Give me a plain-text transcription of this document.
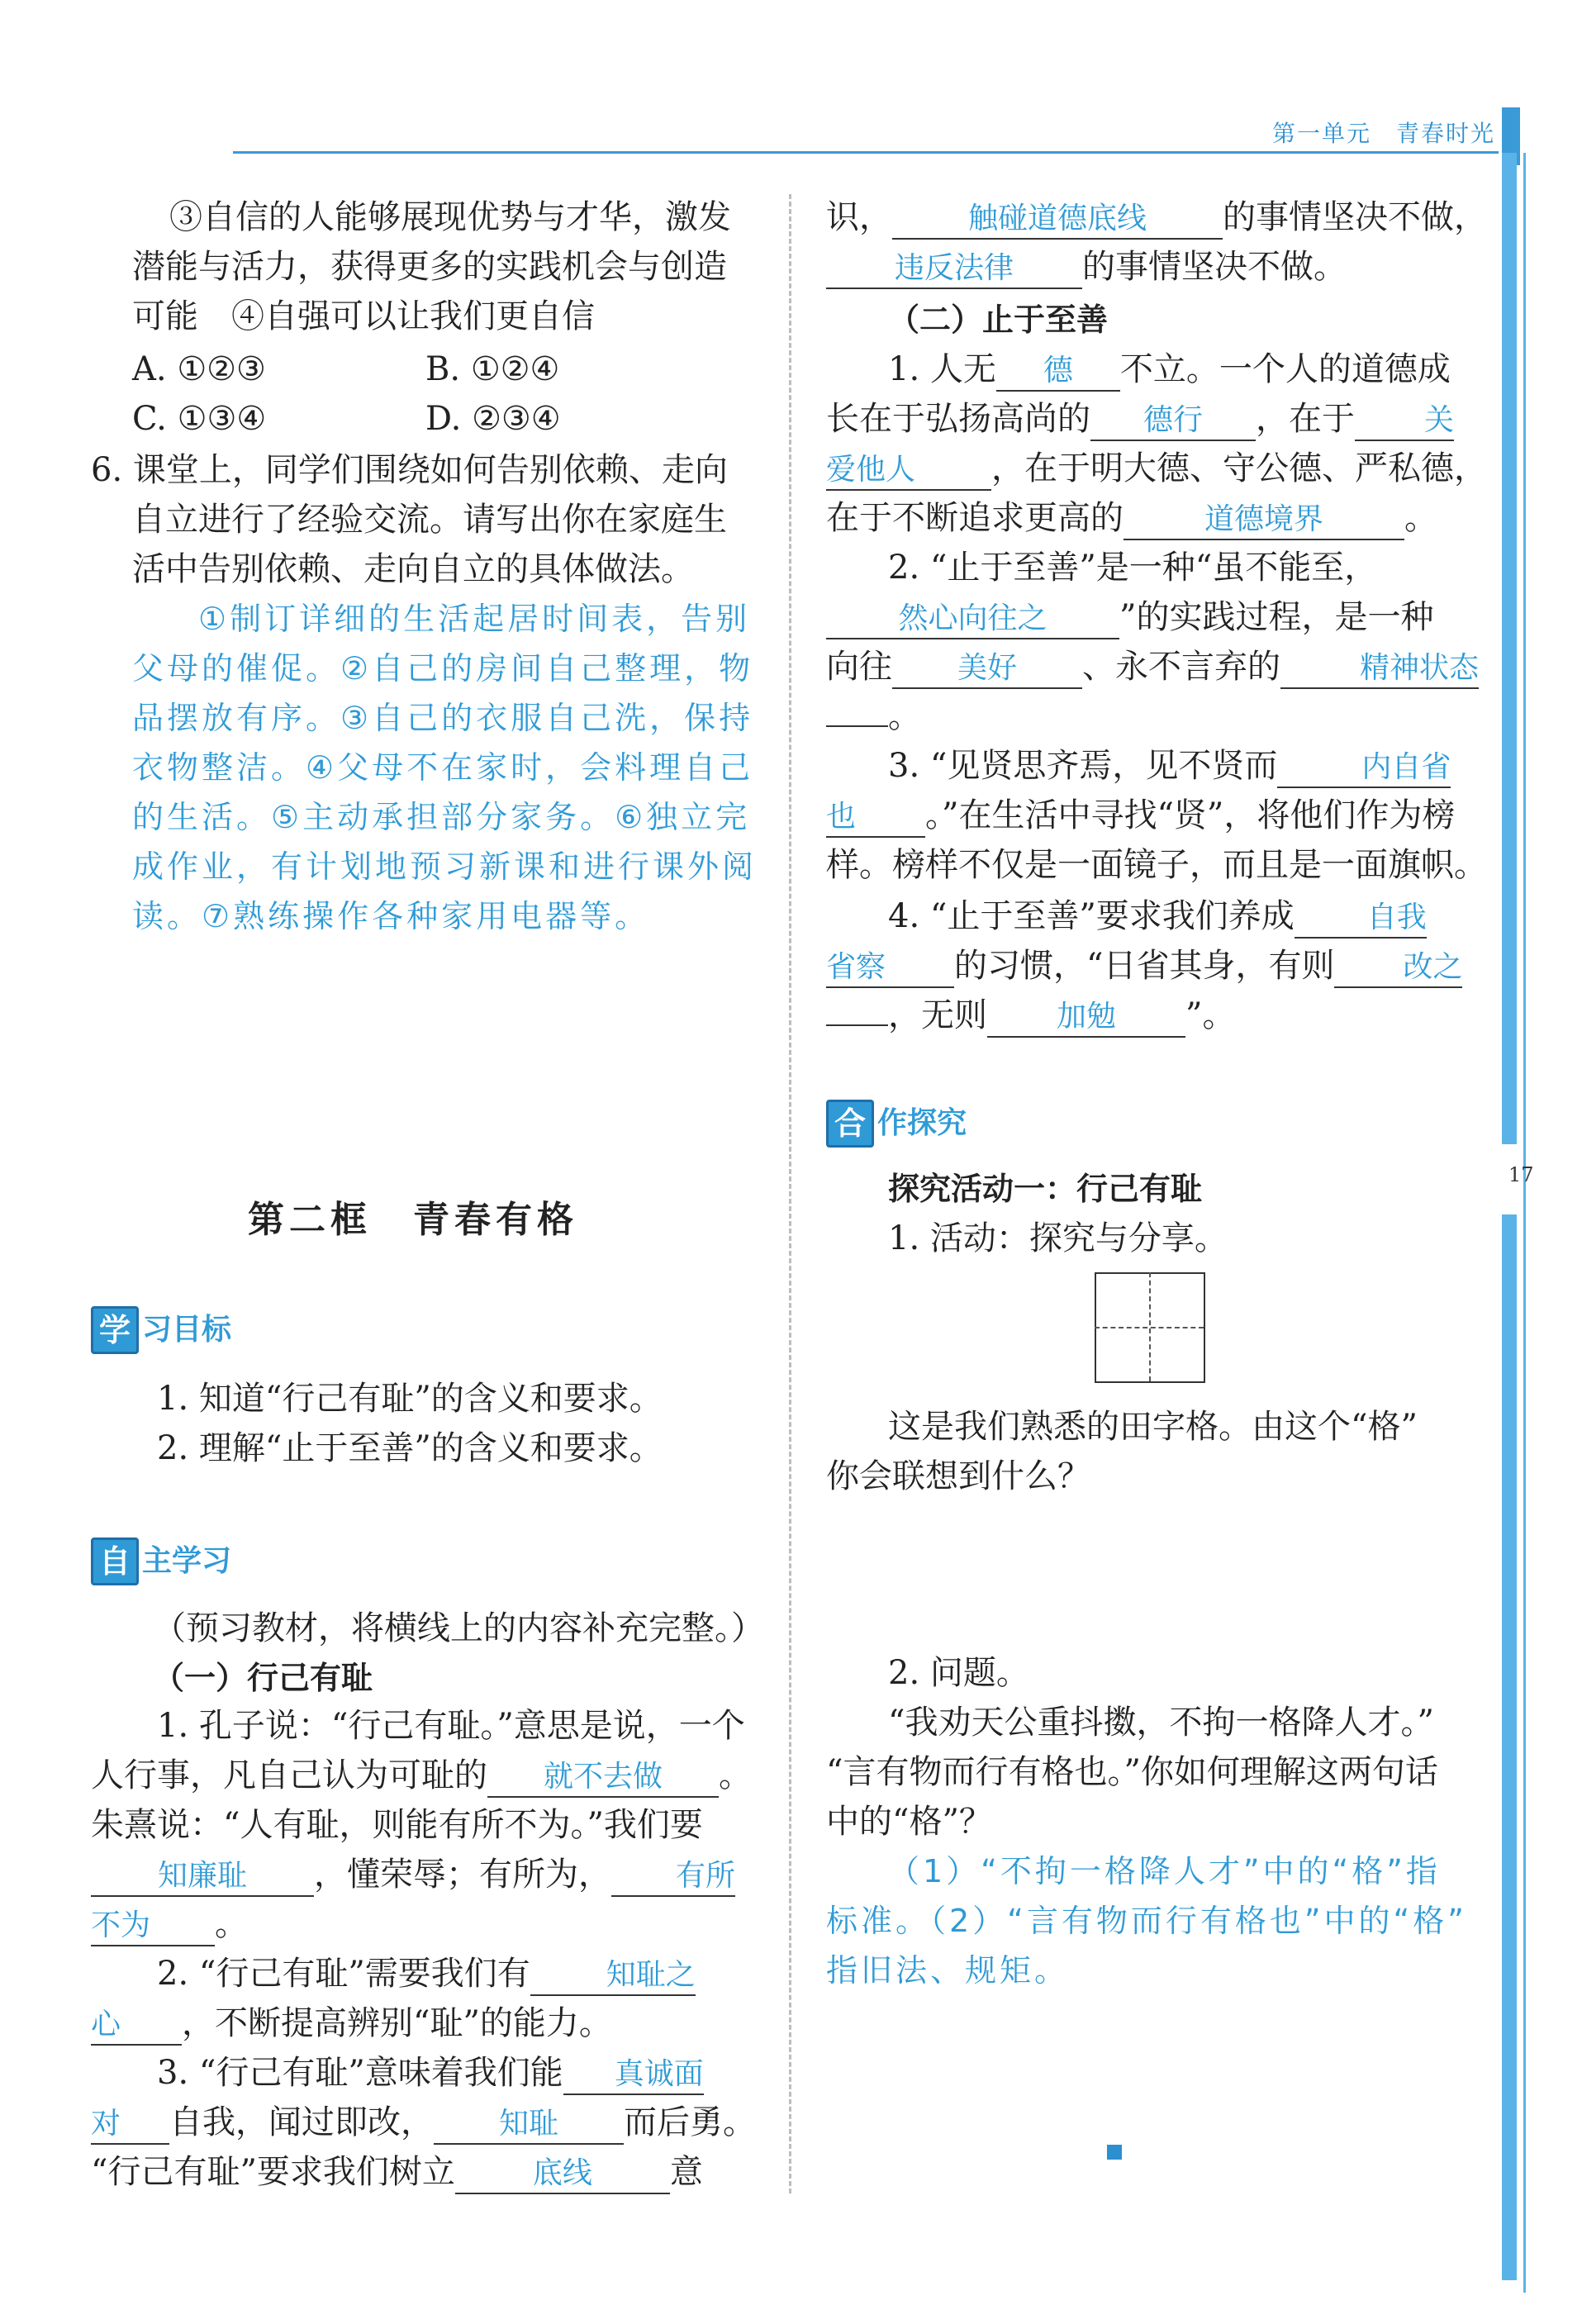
第一单元　青春时光
17
③自信的人能够展现优势与才华，激发
潜能与活力，获得更多的实践机会与创造
可能　④自强可以让我们更自信
A. ①②③	B. ①②④
C. ①③④	D. ②③④
6. 课堂上，同学们围绕如何告别依赖、走向
自立进行了经验交流。请写出你在家庭生
活中告别依赖、走向自立的具体做法。
①制订详细的生活起居时间表，告别
父母的催促。②自己的房间自己整理，物
品摆放有序。③自己的衣服自己洗，保持
衣物整洁。④父母不在家时，会料理自己
的生活。⑤主动承担部分家务。⑥独立完
成作业，有计划地预习新课和进行课外阅
读。⑦熟练操作各种家用电器等。
第二框　青春有格
学 习目标
1. 知道“行己有耻”的含义和要求。
2. 理解“止于至善”的含义和要求。
自 主学习
（预习教材，将横线上的内容补充完整。）
（一）行己有耻
1. 孔子说：“行己有耻。”意思是说，一个
人行事，凡自己认为可耻的 就不去做 。
朱熹说：“人有耻，则能有所不为。”我们要
知廉耻 ，懂荣辱；有所为， 有所
不为 。
2. “行己有耻”需要我们有	知耻之
心 ，不断提高辨别“耻”的能力。
3. “行己有耻”意味着我们能 真诚面
对 自我，闻过即改， 知耻 而后勇。
“行己有耻”要求我们树立	底线 意
识，	触碰道德底线 的事情坚决不做，
违反法律 的事情坚决不做。
（二）止于至善
1. 人无 德 不立。一个人的道德成
长在于弘扬高尚的 德行 ，在于 关
爱他人 ，在于明大德、守公德、严私德，
在于不断追求更高的	道德境界 。
2. “止于至善”是一种“虽不能至，
然心向往之 ”的实践过程，是一种
向往 美好 、永不言弃的	精神状态
。
3. “见贤思齐焉，见不贤而	内自省
也 。”在生活中寻找“贤”，将他们作为榜
样。榜样不仅是一面镜子，而且是一面旗帜。
4. “止于至善”要求我们养成 自我
省察 的习惯，“日省其身，有则 改之
，无则 加勉 ”。
合 作探究
探究活动一：行己有耻
1. 活动：探究与分享。
这是我们熟悉的田字格。由这个“格”
你会联想到什么？
2. 问题。
“我劝天公重抖擞，不拘一格降人才。”
“言有物而行有格也。”你如何理解这两句话
中的“格”？
（1）“不拘一格降人才”中的“格”指
标准。（2）“言有物而行有格也”中的“格”
指旧法、规矩。
